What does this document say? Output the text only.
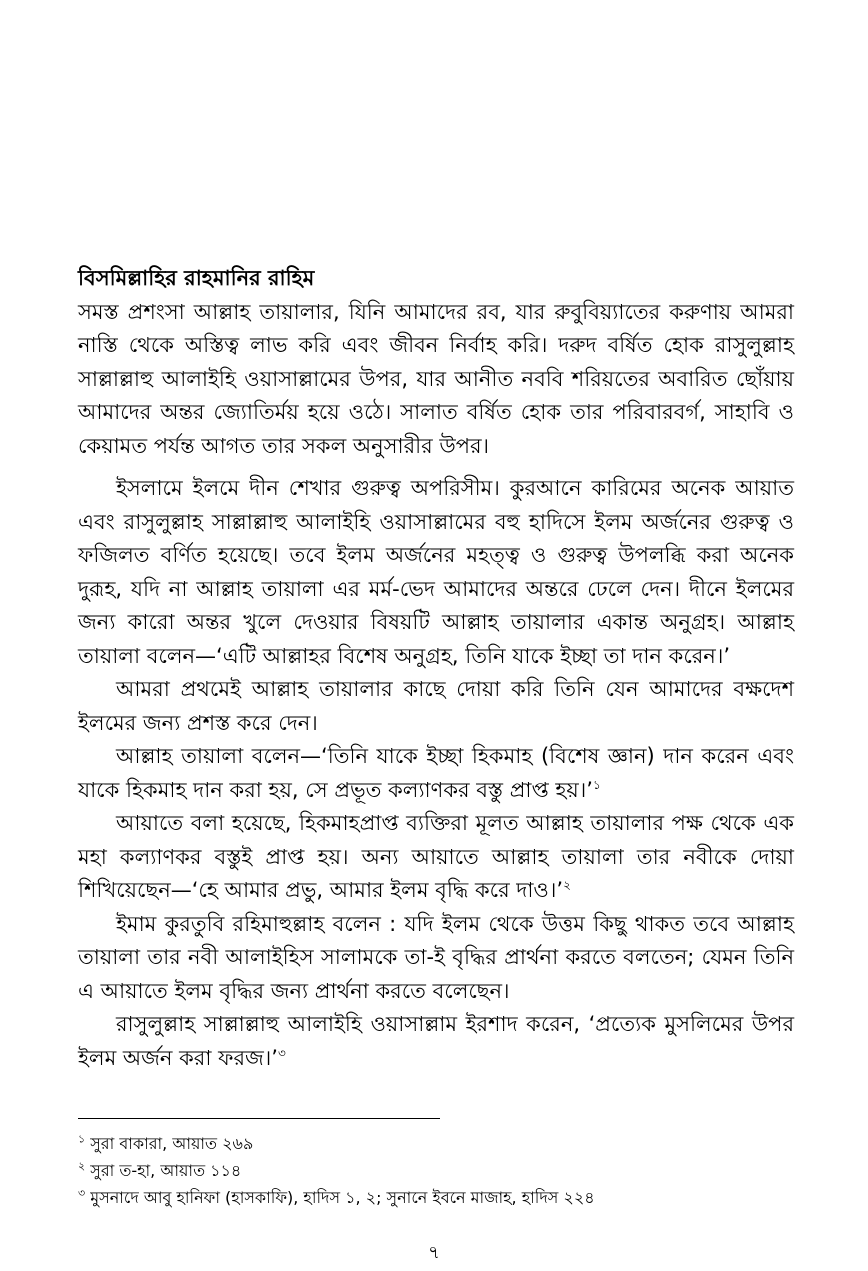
বিসমিল্লাহির রাহমানির রাহিম

সমস্ত প্রশংসা আল্লাহ তায়ালার, যিনি আমাদের রব, যার রুবুবিয়্যাতের করুণায় আমরা নাস্তি থেকে অস্তিত্ব লাভ করি এবং জীবন নির্বাহ করি। দরুদ বর্ষিত হোক রাসুলুল্লাহ সাল্লাল্লাহু আলাইহি ওয়াসাল্লামের উপর, যার আনীত নববি শরিয়তের অবারিত ছোঁয়ায় আমাদের অন্তর জ্যোতির্ময় হয়ে ওঠে। সালাত বর্ষিত হোক তার পরিবারবর্গ, সাহাবি ও কেয়ামত পর্যন্ত আগত তার সকল অনুসারীর উপর।

ইসলামে ইলমে দীন শেখার গুরুত্ব অপরিসীম। কুরআনে কারিমের অনেক আয়াত এবং রাসুলুল্লাহ সাল্লাল্লাহু আলাইহি ওয়াসাল্লামের বহু হাদিসে ইলম অর্জনের গুরুত্ব ও ফজিলত বর্ণিত হয়েছে। তবে ইলম অর্জনের মহত্ত্ব ও গুরুত্ব উপলব্ধি করা অনেক দুরূহ, যদি না আল্লাহ তায়ালা এর মর্ম-ভেদ আমাদের অন্তরে ঢেলে দেন। দীনে ইলমের জন্য কারো অন্তর খুলে দেওয়ার বিষয়টি আল্লাহ তায়ালার একান্ত অনুগ্রহ। আল্লাহ তায়ালা বলেন—‘এটি আল্লাহর বিশেষ অনুগ্রহ, তিনি যাকে ইচ্ছা তা দান করেন।’

আমরা প্রথমেই আল্লাহ তায়ালার কাছে দোয়া করি তিনি যেন আমাদের বক্ষদেশ ইলমের জন্য প্রশস্ত করে দেন।

আল্লাহ তায়ালা বলেন—‘তিনি যাকে ইচ্ছা হিকমাহ (বিশেষ জ্ঞান) দান করেন এবং যাকে হিকমাহ দান করা হয়, সে প্রভূত কল্যাণকর বস্তু প্রাপ্ত হয়।’$^১$

আয়াতে বলা হয়েছে, হিকমাহপ্রাপ্ত ব্যক্তিরা মূলত আল্লাহ তায়ালার পক্ষ থেকে এক মহা কল্যাণকর বস্তুই প্রাপ্ত হয়। অন্য আয়াতে আল্লাহ তায়ালা তার নবীকে দোয়া শিখিয়েছেন—‘হে আমার প্রভু, আমার ইলম বৃদ্ধি করে দাও।’$^২$

ইমাম কুরতুবি রহিমাহুল্লাহ বলেন : যদি ইলম থেকে উত্তম কিছু থাকত তবে আল্লাহ তায়ালা তার নবী আলাইহিস সালামকে তা-ই বৃদ্ধির প্রার্থনা করতে বলতেন; যেমন তিনি এ আয়াতে ইলম বৃদ্ধির জন্য প্রার্থনা করতে বলেছেন।

রাসুলুল্লাহ সাল্লাল্লাহু আলাইহি ওয়াসাল্লাম ইরশাদ করেন, ‘প্রত্যেক মুসলিমের উপর ইলম অর্জন করা ফরজ।’$^৩$

$^১$ সুরা বাকারা, আয়াত ২৬৯

$^২$ সুরা ত-হা, আয়াত ১১৪

$^৩$ মুসনাদে আবু হানিফা (হাসকাফি), হাদিস ১, ২; সুনানে ইবনে মাজাহ, হাদিস ২২৪

৭
